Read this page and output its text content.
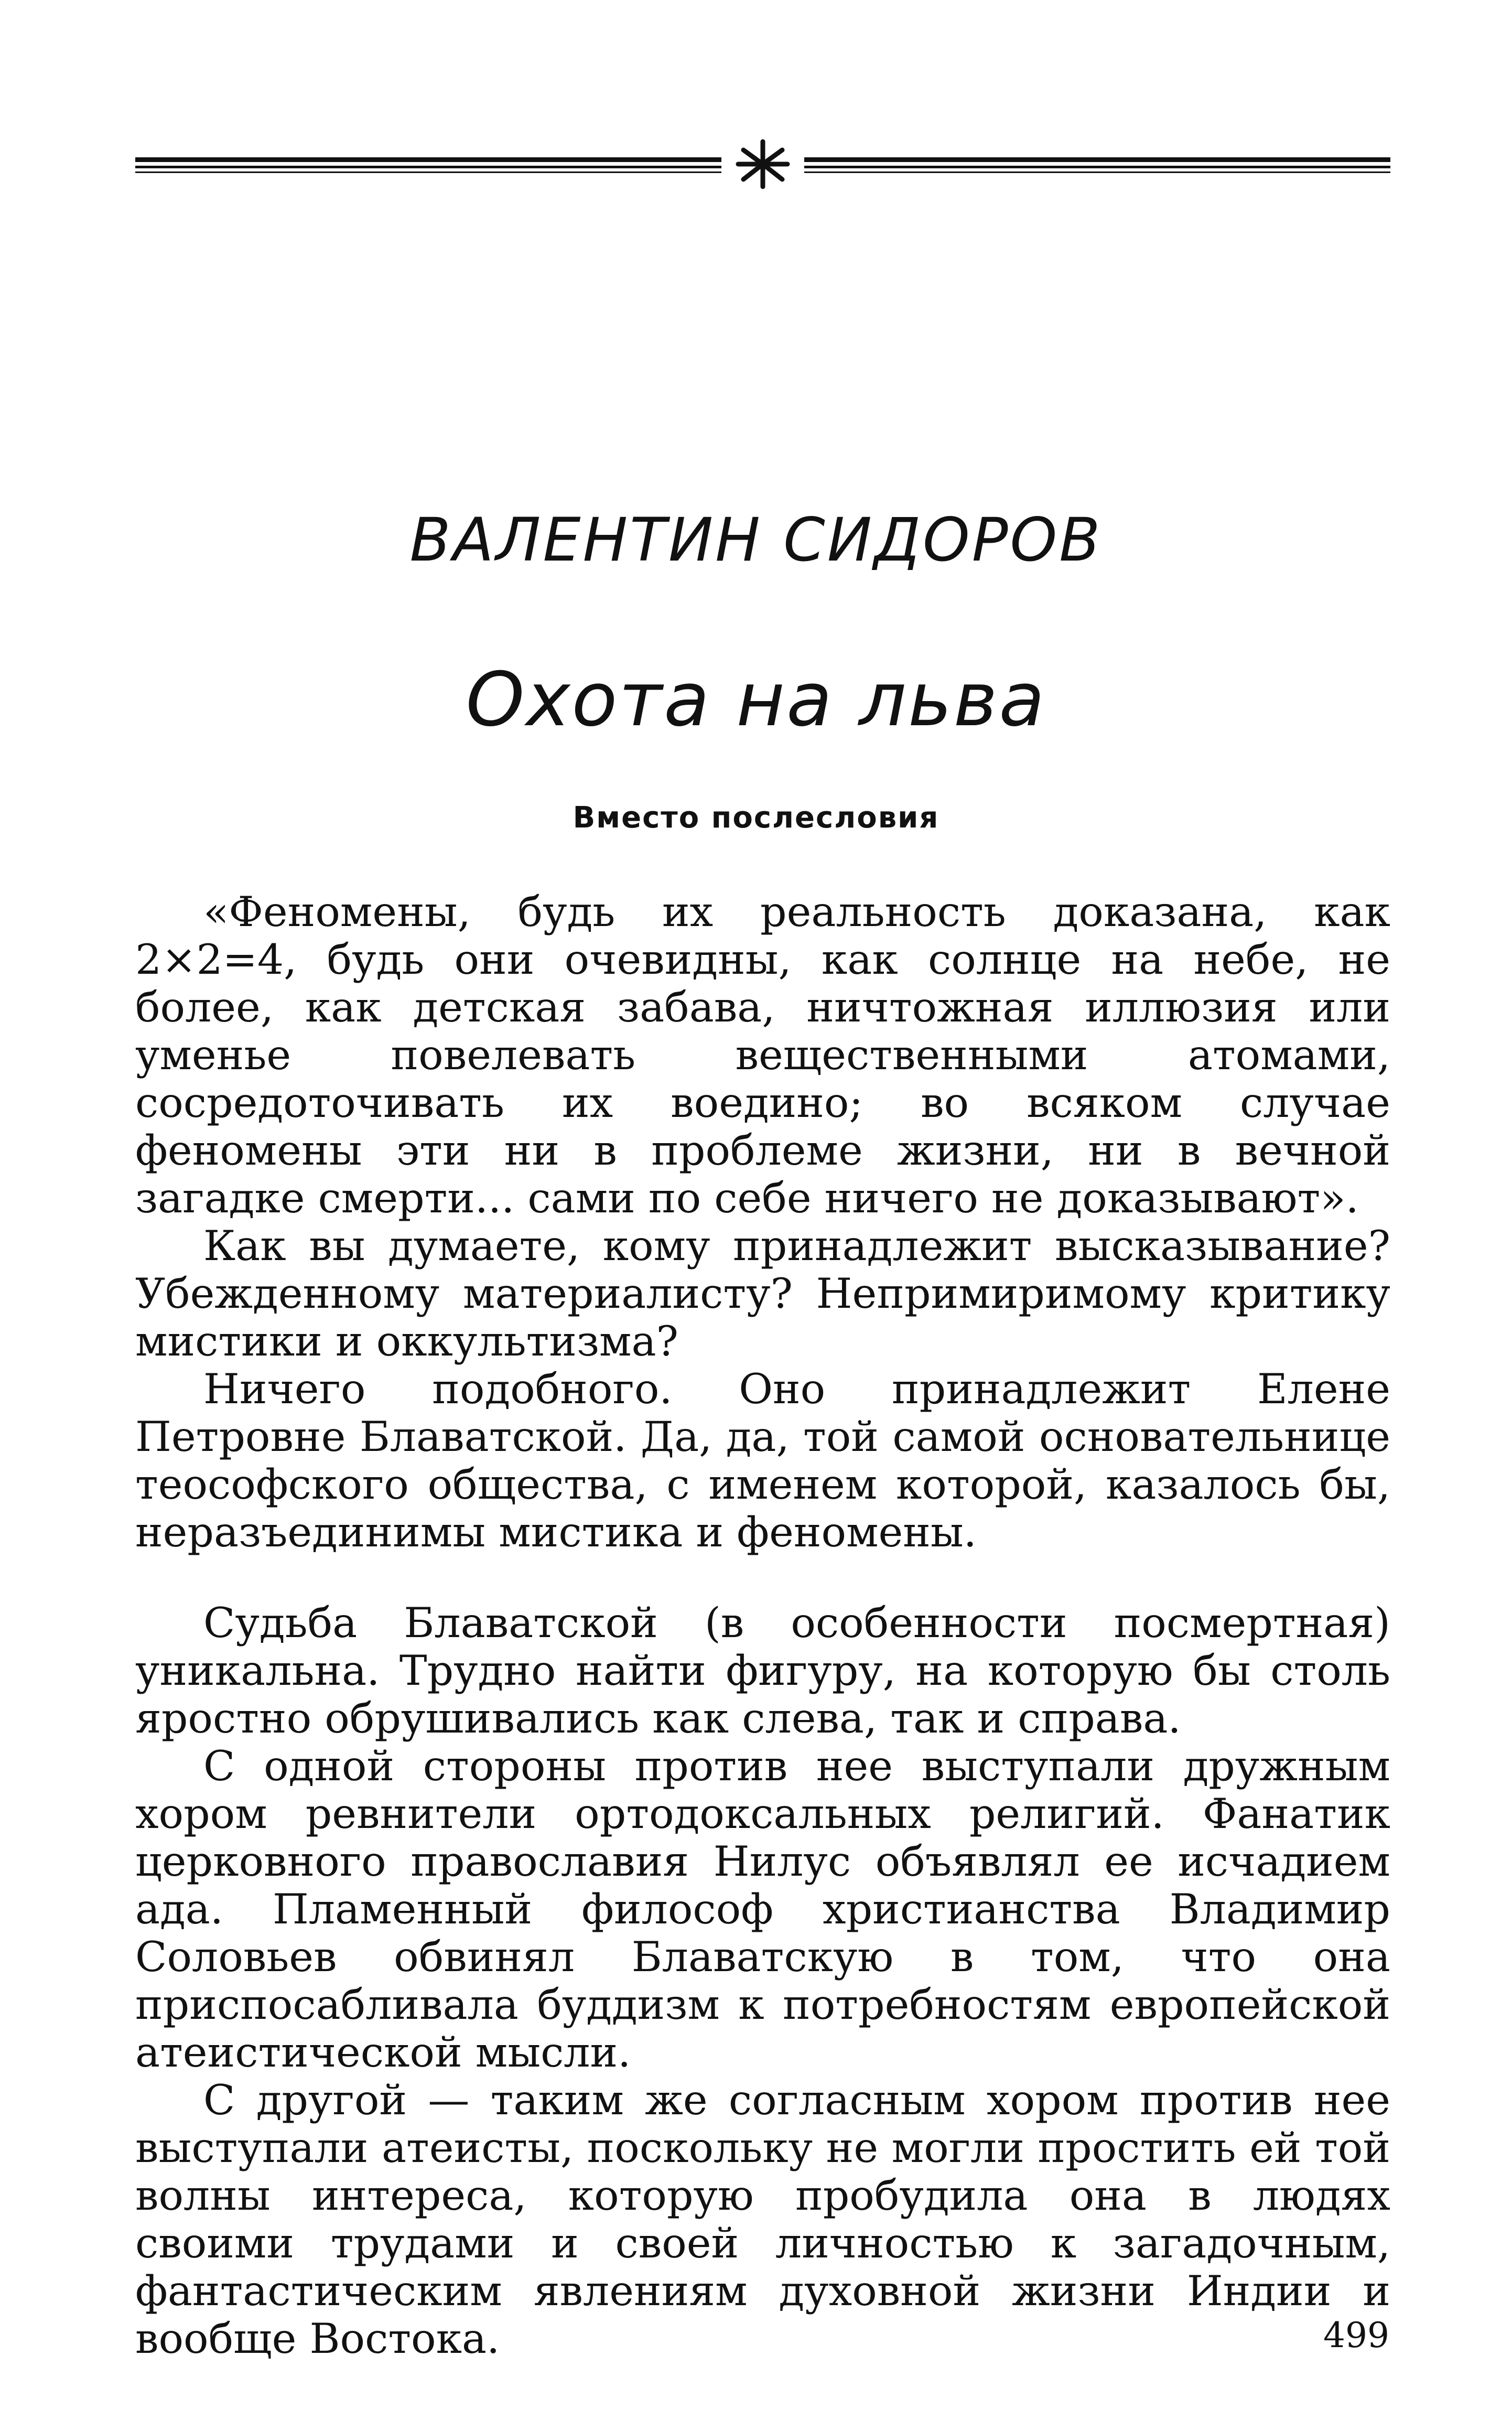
ВАЛЕНТИН СИДОРОВ
Охота на льва
Вместо послесловия

«Феномены, будь их реальность доказана, как 2×2=4, будь они очевидны, как солнце на небе, не более, как детская забава, ничтожная иллюзия или уменье повелевать вещественными атомами, сосредоточивать их воедино; во всяком случае феномены эти ни в проблеме жизни, ни в вечной загадке смерти... сами по себе ничего не доказывают».

Как вы думаете, кому принадлежит высказывание? Убежденному материалисту? Непримиримому критику мистики и оккультизма?

Ничего подобного. Оно принадлежит Елене Петровне Блаватской. Да, да, той самой основательнице теософского общества, с именем которой, казалось бы, неразъединимы мистика и феномены.

Судьба Блаватской (в особенности посмертная) уникальна. Трудно найти фигуру, на которую бы столь яростно обрушивались как слева, так и справа.

С одной стороны против нее выступали дружным хором ревнители ортодоксальных религий. Фанатик церковного православия Нилус объявлял ее исчадием ада. Пламенный философ христианства Владимир Соловьев обвинял Блаватскую в том, что она приспосабливала буддизм к потребностям европейской атеистической мысли.

С другой — таким же согласным хором против нее выступали атеисты, поскольку не могли простить ей той волны интереса, которую пробудила она в людях своими трудами и своей личностью к загадочным, фантастическим явлениям духовной жизни Индии и вообще Востока.	499
